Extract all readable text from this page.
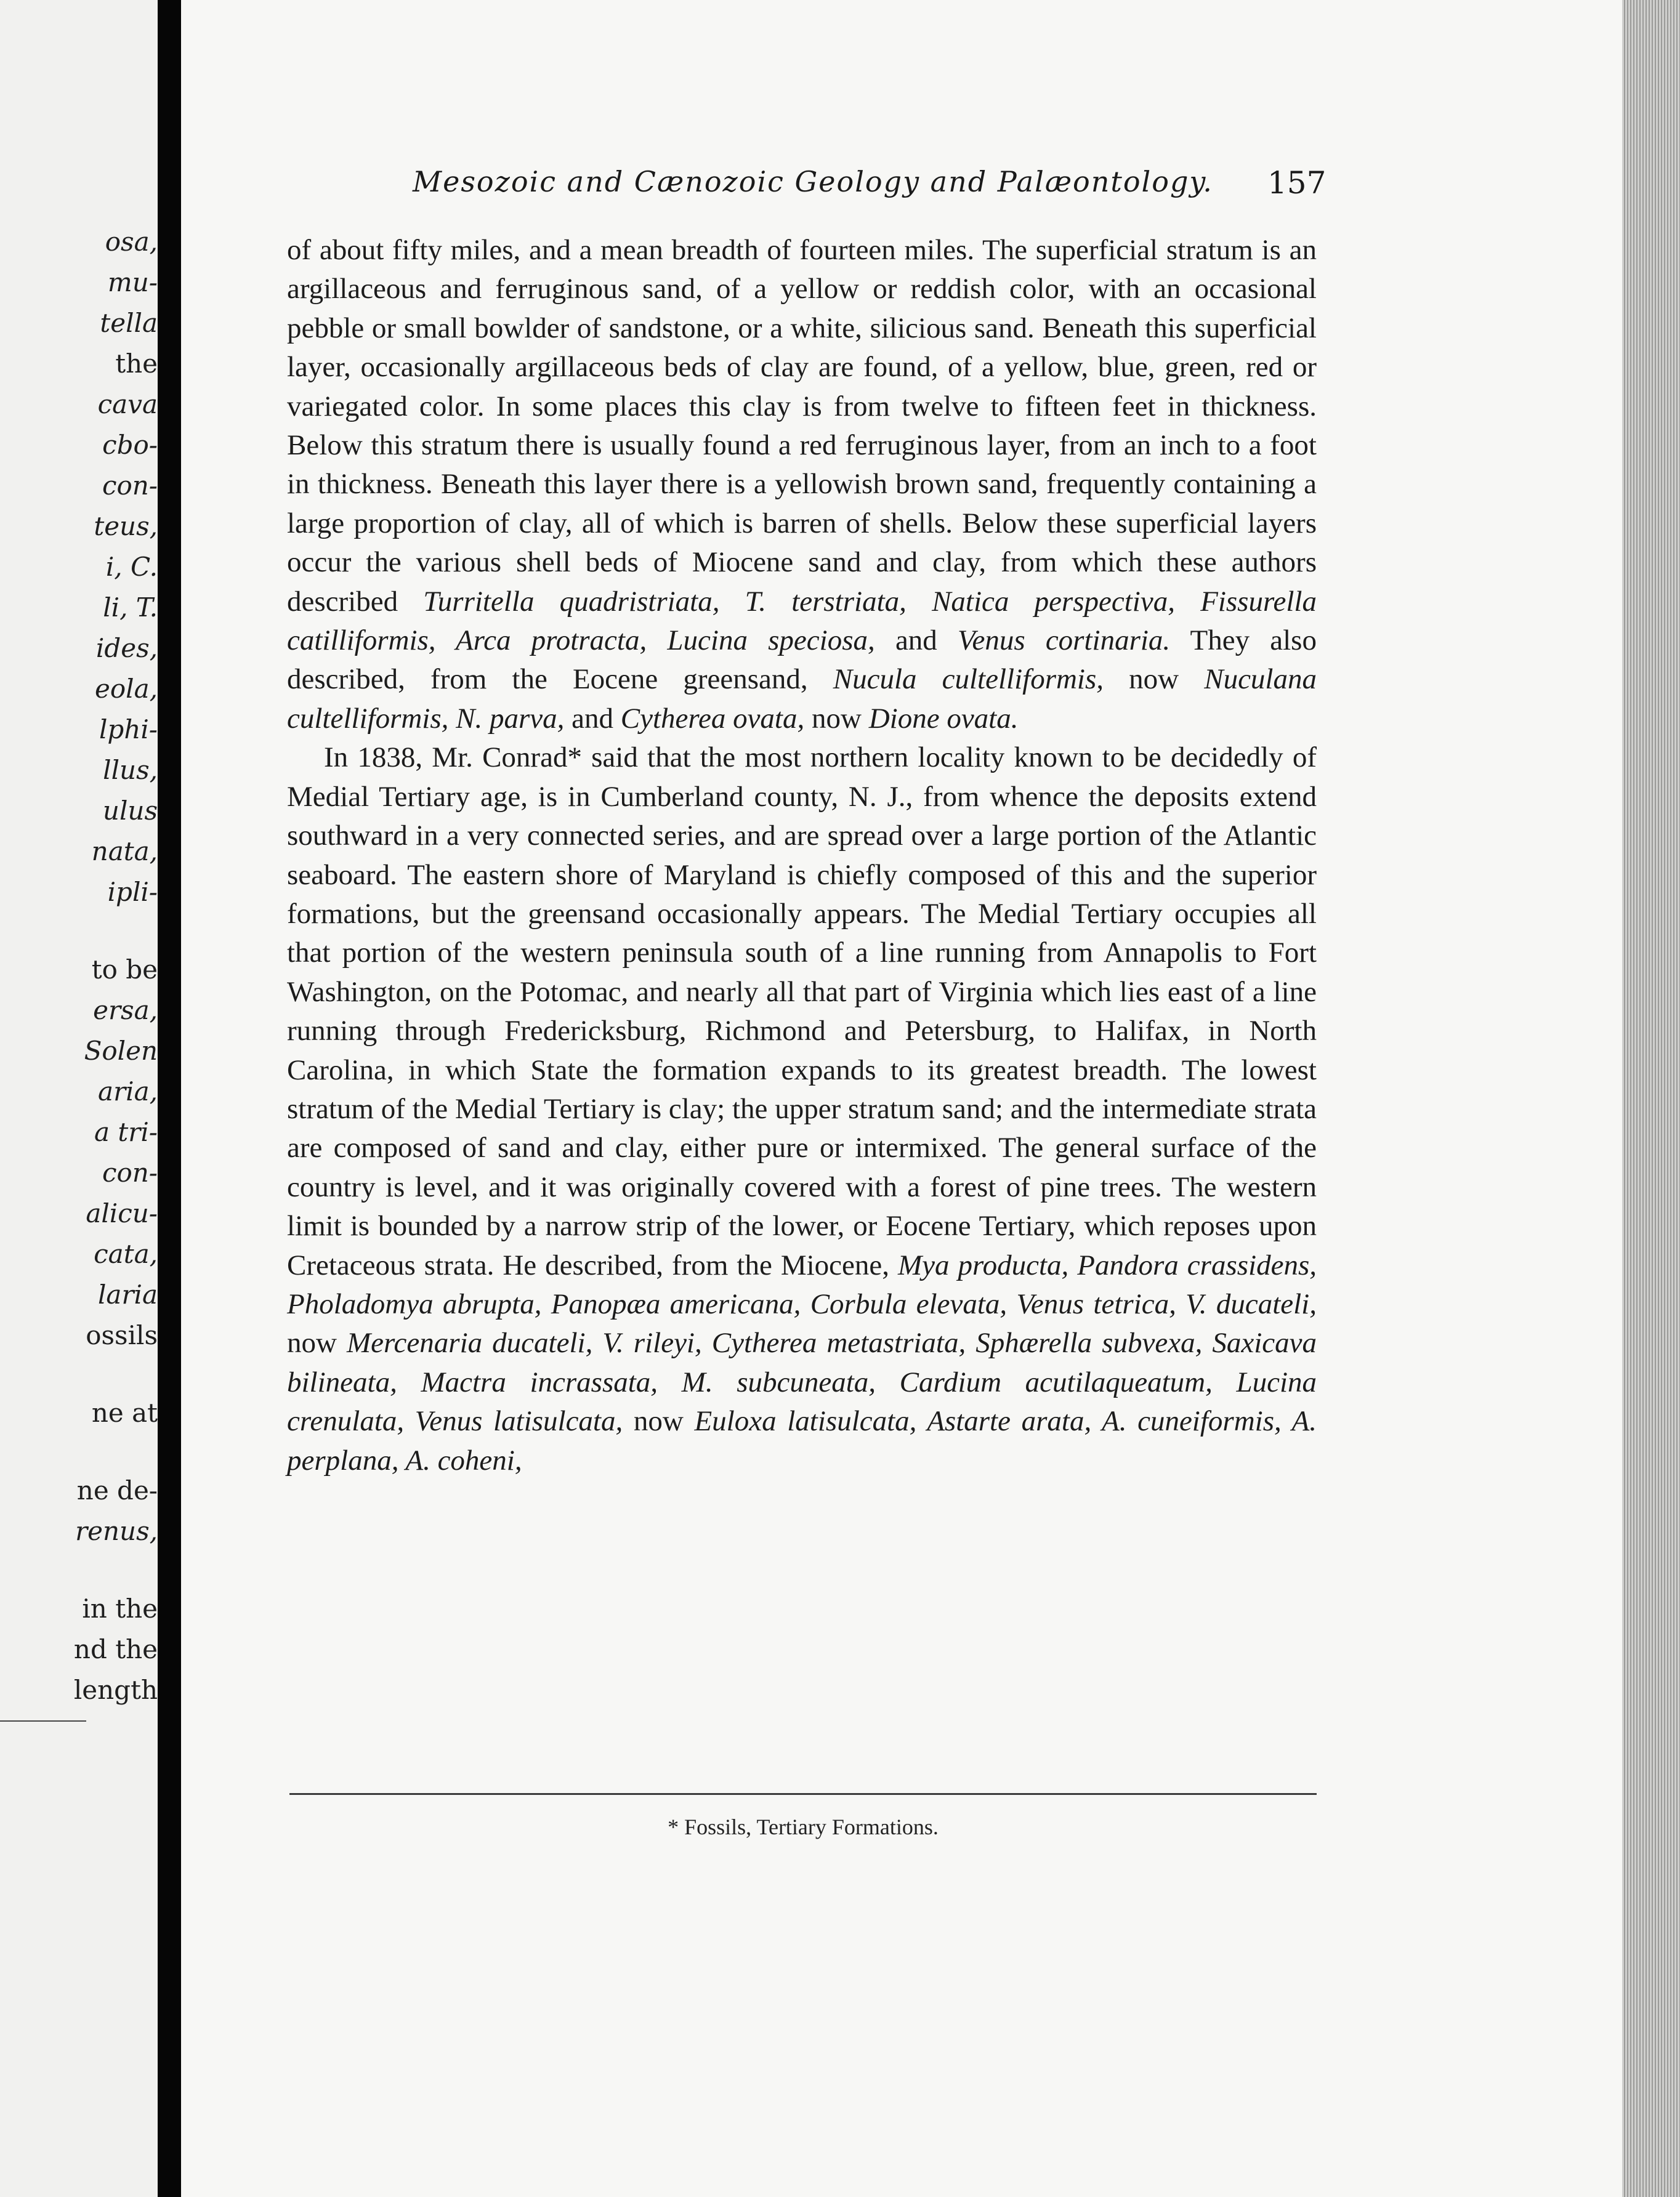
osa,
mu-
tella
the
cava
cbo-
con-
teus,
i, C.
li, T.
ides,
eola,
lphi-
llus,
ulus
nata,
ipli-
to be
ersa,
Solen
aria,
a tri-
con-
alicu-
cata,
laria
ossils
ne at
ne de-
renus,
in the
nd the
length
Mesozoic and Cænozoic Geology and Palæontology.	157

of about fifty miles, and a mean breadth of fourteen miles. The superficial stratum is an argillaceous and ferruginous sand, of a yellow or reddish color, with an occasional pebble or small bowlder of sandstone, or a white, silicious sand. Beneath this superficial layer, occasionally argillaceous beds of clay are found, of a yellow, blue, green, red or variegated color. In some places this clay is from twelve to fifteen feet in thickness. Below this stratum there is usually found a red ferruginous layer, from an inch to a foot in thickness. Beneath this layer there is a yellowish brown sand, frequently containing a large proportion of clay, all of which is barren of shells. Below these superficial layers occur the various shell beds of Miocene sand and clay, from which these authors described Turritella quadristriata, T. terstriata, Natica perspectiva, Fissurella catilliformis, Arca protracta, Lucina speciosa, and Venus cortinaria. They also described, from the Eocene greensand, Nucula cultelliformis, now Nuculana cultelliformis, N. parva, and Cytherea ovata, now Dione ovata.

In 1838, Mr. Conrad* said that the most northern locality known to be decidedly of Medial Tertiary age, is in Cumberland county, N. J., from whence the deposits extend southward in a very connected series, and are spread over a large portion of the Atlantic seaboard. The eastern shore of Maryland is chiefly composed of this and the superior formations, but the greensand occasionally appears. The Medial Tertiary occupies all that portion of the western peninsula south of a line running from Annapolis to Fort Washington, on the Potomac, and nearly all that part of Virginia which lies east of a line running through Fredericksburg, Richmond and Petersburg, to Halifax, in North Carolina, in which State the formation expands to its greatest breadth. The lowest stratum of the Medial Tertiary is clay; the upper stratum sand; and the intermediate strata are composed of sand and clay, either pure or intermixed. The general surface of the country is level, and it was originally covered with a forest of pine trees. The western limit is bounded by a narrow strip of the lower, or Eocene Tertiary, which reposes upon Cretaceous strata. He described, from the Miocene, Mya producta, Pandora crassidens, Pholadomya abrupta, Panopæa americana, Corbula elevata, Venus tetrica, V. ducateli, now Mercenaria ducateli, V. rileyi, Cytherea metastriata, Sphærella subvexa, Saxicava bilineata, Mactra incrassata, M. subcuneata, Cardium acutilaqueatum, Lucina crenulata, Venus latisulcata, now Euloxa latisulcata, Astarte arata, A. cuneiformis, A. perplana, A. coheni,

* Fossils, Tertiary Formations.
